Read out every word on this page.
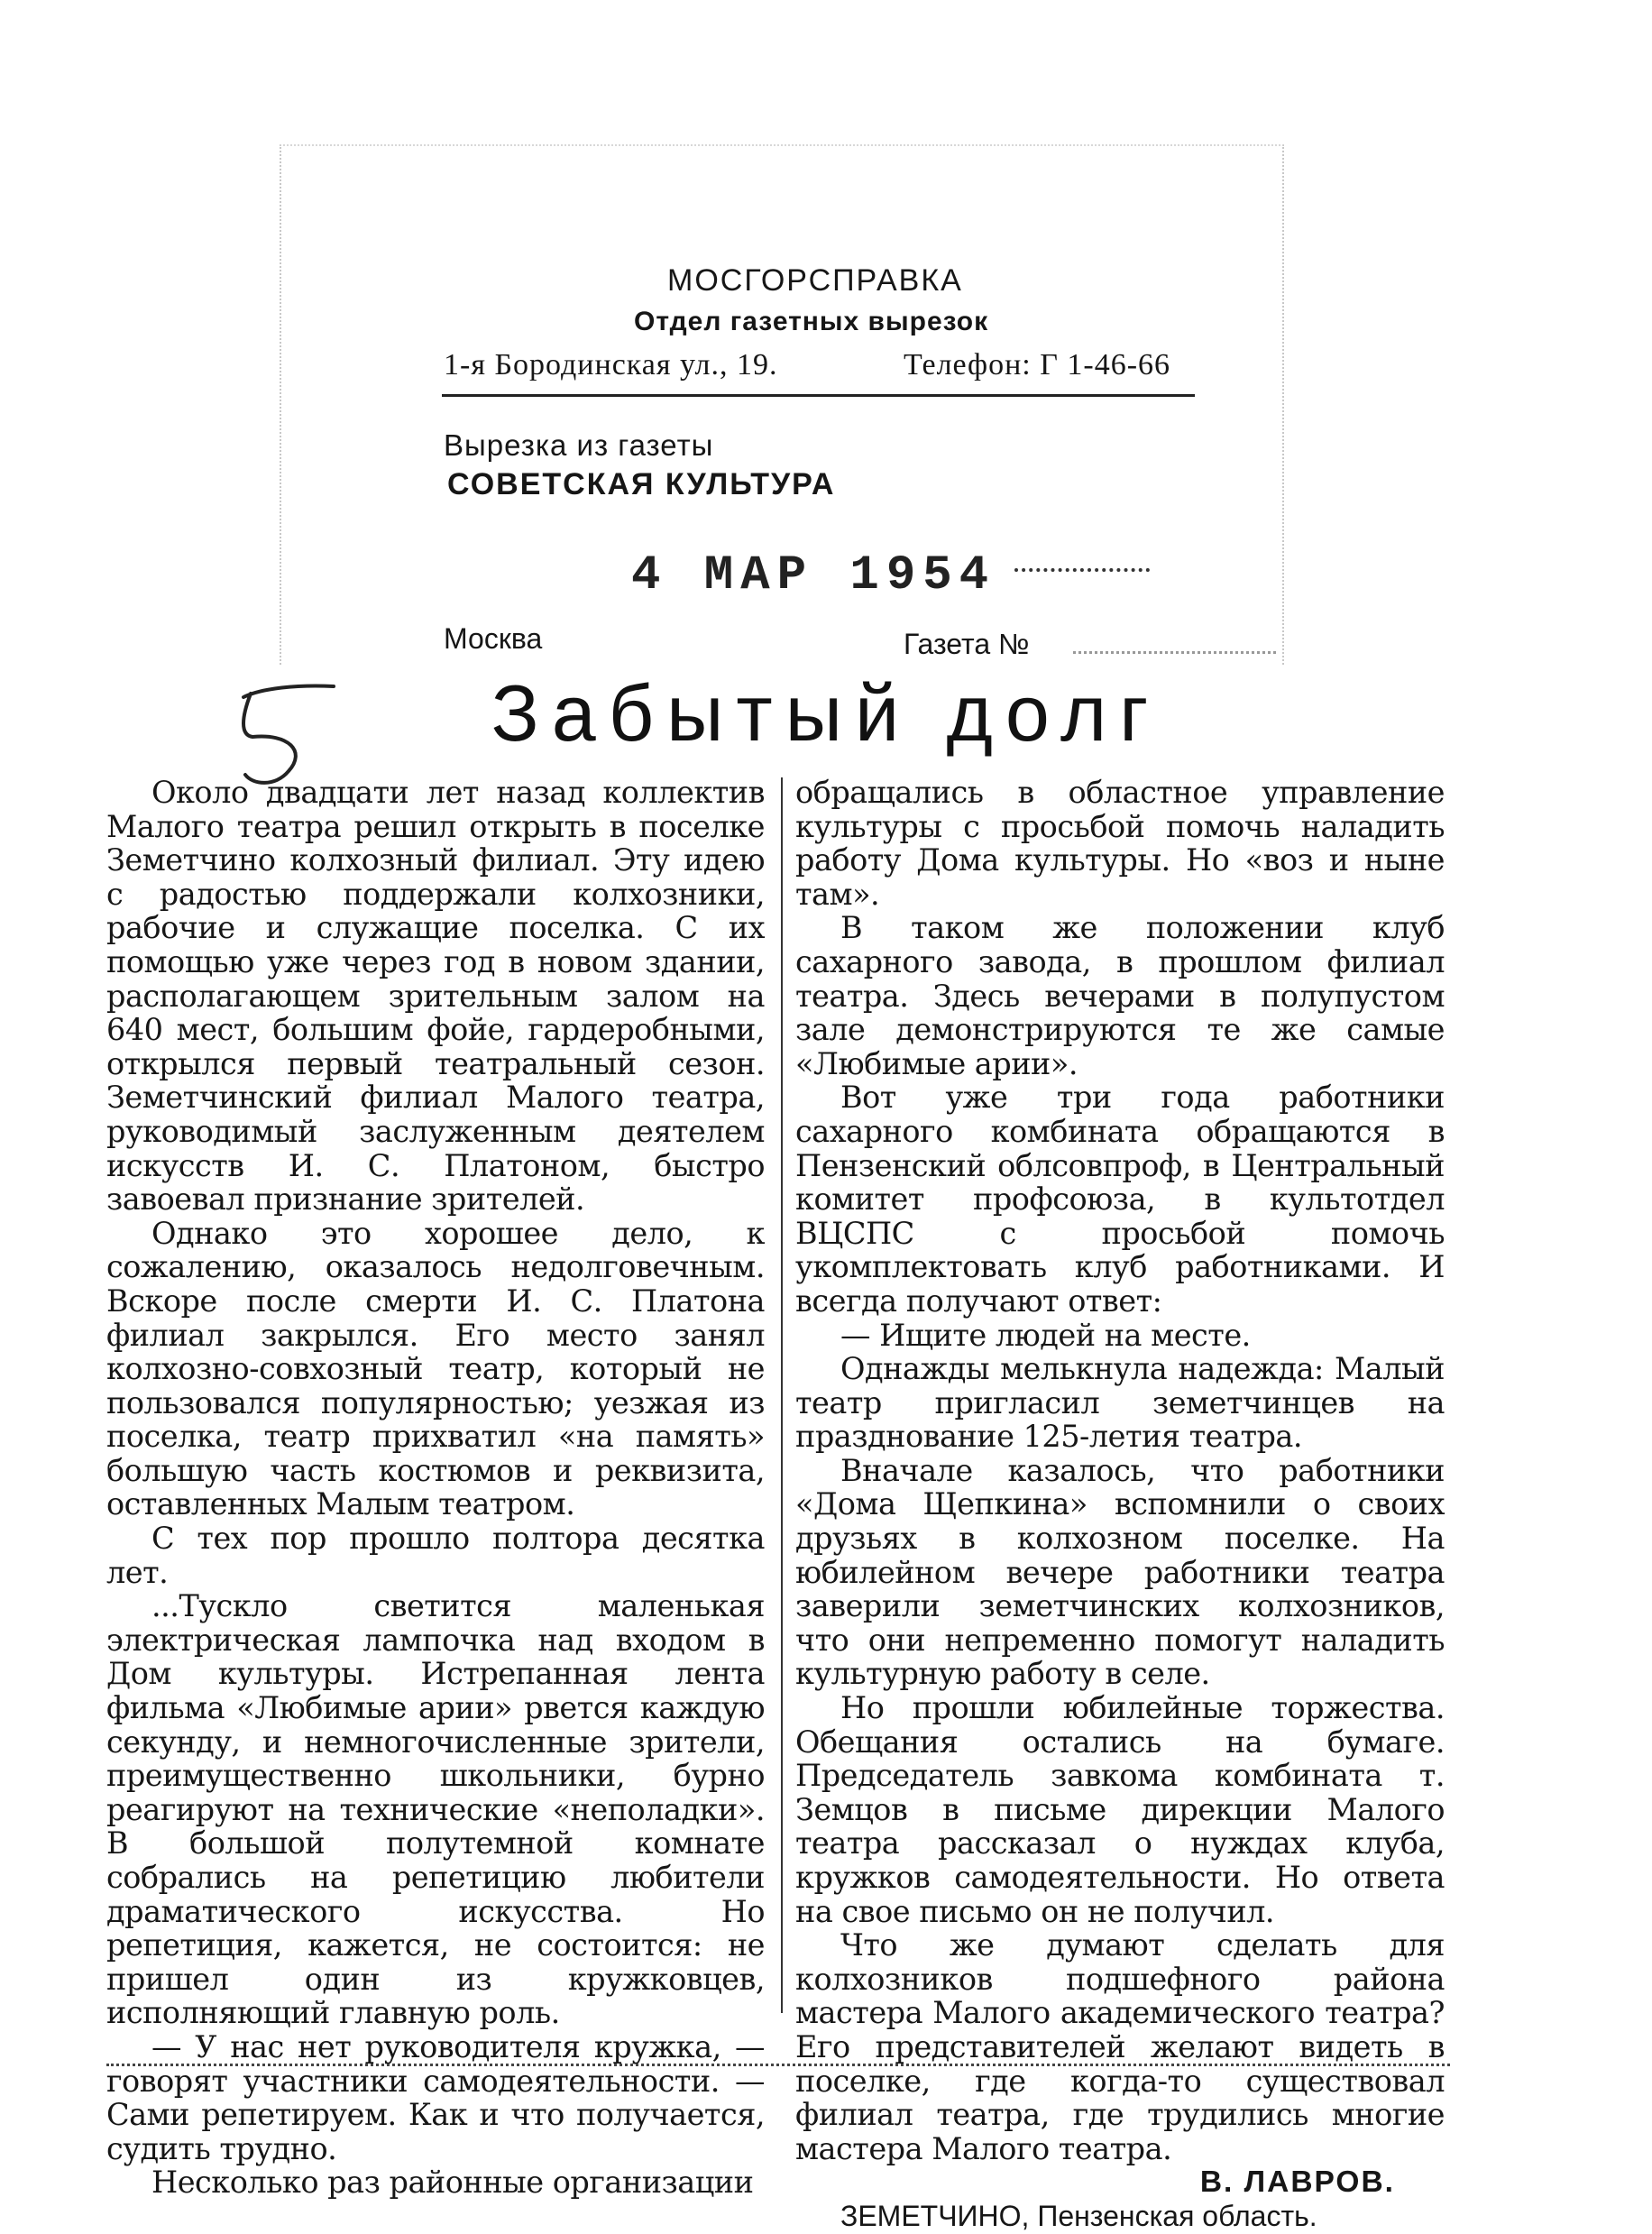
МОСГОРСПРАВКА
Отдел газетных вырезок
1-я Бородинская ул., 19.	Телефон: Г 1-46-66
Вырезка из газеты
СОВЕТСКАЯ КУЛЬТУРА
4 МАР 1954
Москва	Газета №
Забытый долг

Около двадцати лет назад коллектив Малого театра решил открыть в поселке Земетчино колхозный филиал. Эту идею с радостью поддержали колхозники, рабочие и служащие поселка. С их помощью уже через год в новом здании, располагающем зрительным залом на 640 мест, большим фойе, гардеробными, открылся первый театральный сезон. Земетчинский филиал Малого театра, руководимый заслуженным деятелем искусств И. С. Платоном, быстро завоевал признание зрителей.

Однако это хорошее дело, к сожалению, оказалось недолговечным. Вскоре после смерти И. С. Платона филиал закрылся. Его место занял колхозно-совхозный театр, который не пользовался популярностью; уезжая из поселка, театр прихватил «на память» большую часть костюмов и реквизита, оставленных Малым театром.

С тех пор прошло полтора десятка лет.

...Тускло светится маленькая электрическая лампочка над входом в Дом культуры. Истрепанная лента фильма «Любимые арии» рвется каждую секунду, и немногочисленные зрители, преимущественно школьники, бурно реагируют на технические «неполадки». В большой полутемной комнате собрались на репетицию любители драматического искусства. Но репетиция, кажется, не состоится: не пришел один из кружковцев, исполняющий главную роль.

— У нас нет руководителя кружка, — говорят участники самодеятельности. — Сами репетируем. Как и что получается, судить трудно.

Несколько раз районные организации

обращались в областное управление культуры с просьбой помочь наладить работу Дома культуры. Но «воз и ныне там».

В таком же положении клуб сахарного завода, в прошлом филиал театра. Здесь вечерами в полупустом зале демонстрируются те же самые «Любимые арии».

Вот уже три года работники сахарного комбината обращаются в Пензенский облсовпроф, в Центральный комитет профсоюза, в культотдел ВЦСПС с просьбой помочь укомплектовать клуб работниками. И всегда получают ответ:

— Ищите людей на месте.

Однажды мелькнула надежда: Малый театр пригласил земетчинцев на празднование 125-летия театра.

Вначале казалось, что работники «Дома Щепкина» вспомнили о своих друзьях в колхозном поселке. На юбилейном вечере работники театра заверили земетчинских колхозников, что они непременно помогут наладить культурную работу в селе.

Но прошли юбилейные торжества. Обещания остались на бумаге. Председатель завкома комбината т. Земцов в письме дирекции Малого театра рассказал о нуждах клуба, кружков самодеятельности. Но ответа на свое письмо он не получил.

Что же думают сделать для колхозников подшефного района мастера Малого академического театра? Его представителей желают видеть в поселке, где когда-то существовал филиал театра, где трудились многие мастера Малого театра.

В. ЛАВРОВ.

ЗЕМЕТЧИНО, Пензенская область.
